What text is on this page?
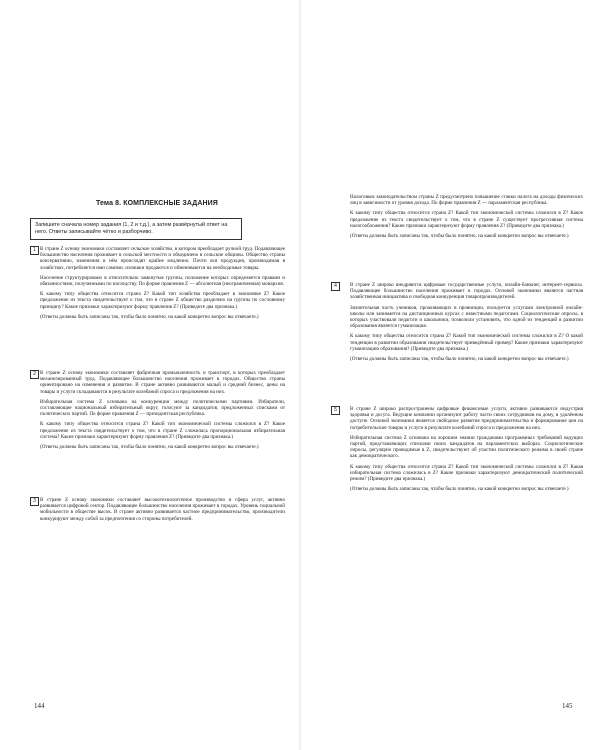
Тема 8. КОМПЛЕКСНЫЕ ЗАДАНИЯ
Запишите сначала номер задания (1, 2 и т.д.), а затем развёрнутый ответ на него. Ответы записывайте чётко и разборчиво.
1 В стране Z основу экономики составляет сельское хозяйство, в котором преобладает ручной труд. Подавляющее большинство населения проживает в сельской местности и объединено в сельские общины. Общество страны консервативно, изменения в нём происходят крайне медленно. Почти вся продукция, производимая в хозяйствах, потребляется ими самими, излишки продаются и обмениваются на необходимые товары.

Население структурировано в относительно замкнутые группы, положение которых определяется правами и обязанностями, полученными по наследству. По форме правления Z — абсолютная (неограниченная) монархия.

К какому типу общества относится страна Z? Какой тип хозяйства преобладает в экономике Z? Какое предложение из текста свидетельствует о том, что в стране Z общество разделено на группы по сословному принципу? Какие признаки характеризуют форму правления Z? (Приведите два признака.)

(Ответы должны быть записаны так, чтобы было понятно, на какой конкретно вопрос вы отвечаете.)

2 В стране Z основу экономики составляет фабричная промышленность и транспорт, в которых преобладает механизированный труд. Подавляющее большинство населения проживает в городах. Общество страны ориентировано на изменения и развитие. В стране активно развиваются малый и средний бизнес, цены на товары и услуги складываются в результате колебаний спроса и предложения на них.

Избирательная система Z основана на конкуренции между политическими партиями. Избиратели, составляющие национальный избирательный округ, голосуют за кандидатов, предложенных списками от политических партий. По форме правления Z — президентская республика.

К какому типу общества относится страна Z? Какой тип экономической системы сложился в Z? Какое предложение из текста свидетельствует о том, что в стране Z сложилась пропорциональная избирательная система? Какие признаки характеризуют форму правления Z? (Приведите два признака.)

(Ответы должны быть записаны так, чтобы было понятно, на какой конкретно вопрос вы отвечаете.)

3 В стране Z основу экономики составляет высокотехнологичное производство и сфера услуг, активно развивается цифровой сектор. Подавляющее большинство населения проживает в городах. Уровень социальной мобильности в обществе высок. В стране активно развивается частное предпринимательство, производители конкурируют между собой за предпочтения со стороны потребителей.

144

Налоговым законодательством страны Z предусмотрено повышение ставки налога на доходы физических лиц в зависимости от уровня дохода. По форме правления Z — парламентская республика.

К какому типу общества относится страна Z? Какой тип экономической системы сложился в Z? Какое предложение из текста свидетельствует о том, что в стране Z существует прогрессивная система налогообложения? Какие признаки характеризуют форму правления Z? (Приведите два признака.)

(Ответы должны быть записаны так, чтобы было понятно, на какой конкретно вопрос вы отвечаете.)

4	В стране Z широко внедряются цифровые государственные услуги, онлайн-банкинг, интернет-сервисы. Подавляющее большинство населения проживает в городах. Основой экономики является частная хозяйственная инициатива и свободная конкуренция товаропроизводителей.

Значительная часть учеников, проживающих в провинции, пользуется услугами электронной онлайн-школы или занимается на дистанционных курсах с известными педагогами. Социологические опросы, в которых участвовали педагоги и школьники, позволили установить, что одной из тенденций в развитии образования является гуманизация.

К какому типу общества относится страна Z? Какой тип экономической системы сложился в Z? О какой тенденции в развитии образования свидетельствует приведённый пример? Какие признаки характеризуют гуманизацию образования? (Приведите два признака.)

(Ответы должны быть записаны так, чтобы было понятно, на какой конкретно вопрос вы отвечаете.)

5	В стране Z широко распространены цифровые финансовые услуги, активно развиваются индустрия здоровья и досуга. Ведущие компании организуют работу части своих сотрудников на дому, в удалённом доступе. Основой экономики является свободное развитие предпринимательства и формирование цен на потребительские товары и услуги в результате колебаний спроса и предложения на них.

Избирательная система Z основана на хорошем знании гражданами программных требований ведущих партий, представляющих списками своих кандидатов на парламентских выборах. Социологические опросы, регулярно проводимые в Z, свидетельствуют об участии политического режима в своей стране как демократического.

К какому типу общества относится страна Z? Какой тип экономической системы сложился в Z? Какая избирательная система сложилась в Z? Какие признаки характеризуют демократический политический режим? (Приведите два признака.)

(Ответы должны быть записаны так, чтобы было понятно, на какой конкретно вопрос вы отвечаете.)

145
